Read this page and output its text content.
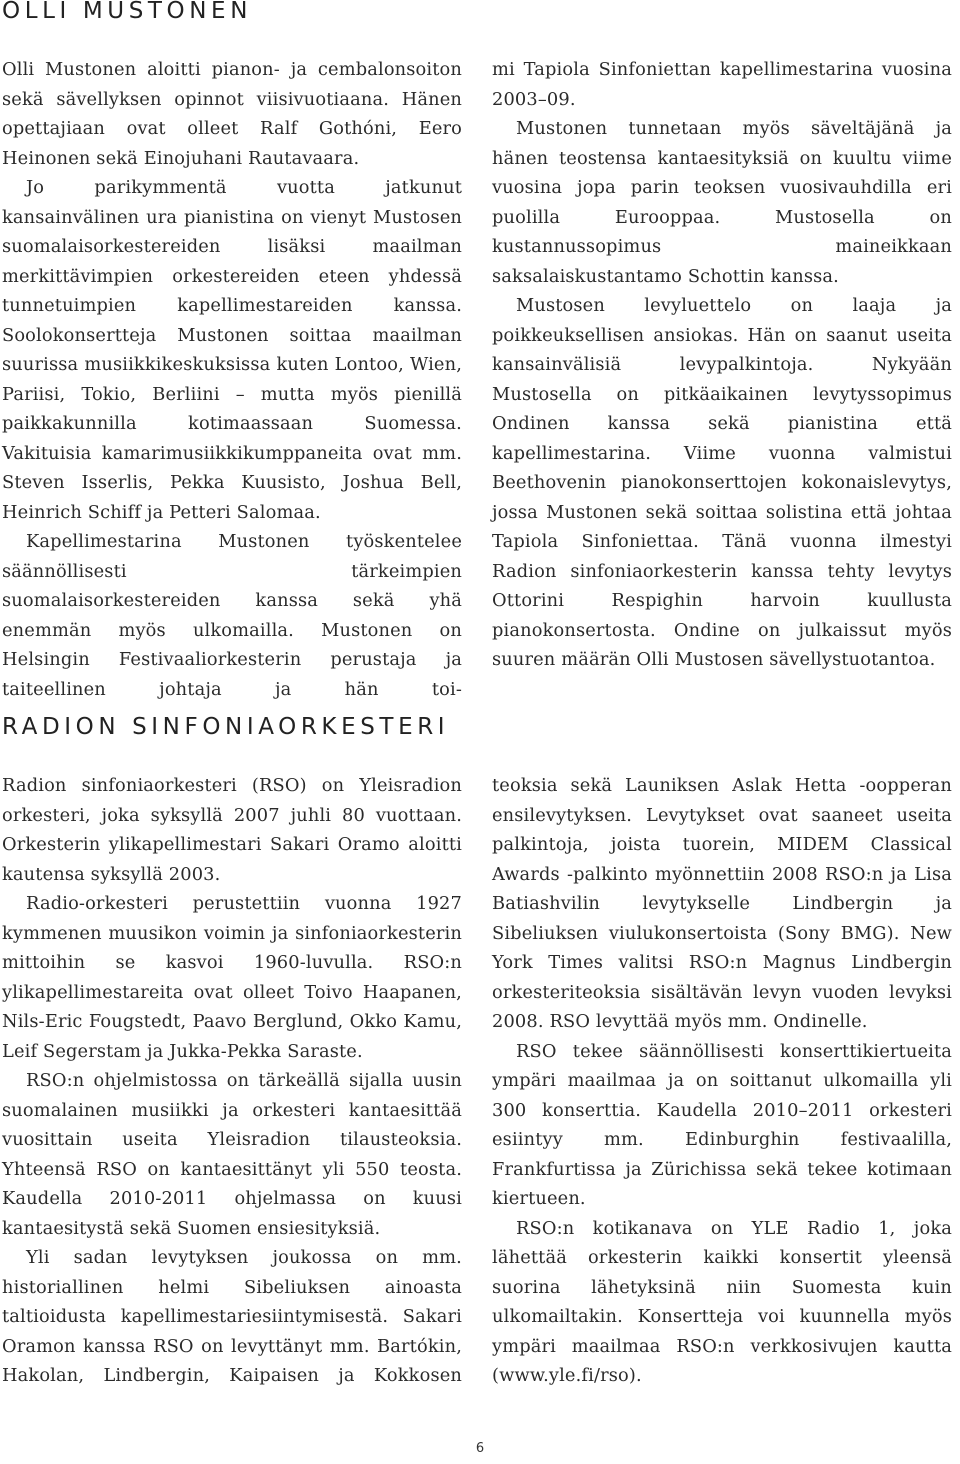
OLLI MUSTONEN

Olli Mustonen aloitti pianon- ja cembalonsoiton sekä sävellyksen opinnot viisivuotiaana. Hänen opettajiaan ovat olleet Ralf Gothóni, Eero Heinonen sekä Einojuhani Rautavaara.

Jo parikymmentä vuotta jatkunut kansainvälinen ura pianistina on vienyt Mustosen suomalaisorkestereiden lisäksi maailman merkittävimpien orkestereiden eteen yhdessä tunnetuimpien kapellimestareiden kanssa. Soolokonsertteja Mustonen soittaa maailman suurissa musiikkikeskuksissa kuten Lontoo, Wien, Pariisi, Tokio, Berliini – mutta myös pienillä paikkakunnilla kotimaassaan Suomessa. Vakituisia kamarimusiikkikumppaneita ovat mm. Steven Isserlis, Pekka Kuusisto, Joshua Bell, Heinrich Schiff ja Petteri Salomaa.

Kapellimestarina Mustonen työskentelee säännöllisesti tärkeimpien suomalaisorkestereiden kanssa sekä yhä enemmän myös ulkomailla. Mustonen on Helsingin Festivaaliorkesterin perustaja ja taiteellinen johtaja ja hän toi-

mi Tapiola Sinfoniettan kapellimestarina vuosina 2003–09.

Mustonen tunnetaan myös säveltäjänä ja hänen teostensa kantaesityksiä on kuultu viime vuosina jopa parin teoksen vuosivauhdilla eri puolilla Eurooppaa. Mustosella on kustannussopimus maineikkaan saksalaiskustantamo Schottin kanssa.

Mustosen levyluettelo on laaja ja poikkeuksellisen ansiokas. Hän on saanut useita kansainvälisiä levypalkintoja. Nykyään Mustosella on pitkäaikainen levytyssopimus Ondinen kanssa sekä pianistina että kapellimestarina. Viime vuonna valmistui Beethovenin pianokonserttojen kokonaislevytys, jossa Mustonen sekä soittaa solistina että johtaa Tapiola Sinfoniettaa. Tänä vuonna ilmestyi Radion sinfoniaorkesterin kanssa tehty levytys Ottorini Respighin harvoin kuullusta pianokonsertosta. Ondine on julkaissut myös suuren määrän Olli Mustosen sävellystuotantoa.

RADION SINFONIAORKESTERI

Radion sinfoniaorkesteri (RSO) on Yleisradion orkesteri, joka syksyllä 2007 juhli 80 vuottaan. Orkesterin ylikapellimestari Sakari Oramo aloitti kautensa syksyllä 2003.

Radio-orkesteri perustettiin vuonna 1927 kymmenen muusikon voimin ja sinfoniaorkesterin mittoihin se kasvoi 1960-luvulla. RSO:n ylikapellimestareita ovat olleet Toivo Haapanen, Nils-Eric Fougstedt, Paavo Berglund, Okko Kamu, Leif Segerstam ja Jukka-Pekka Saraste.

RSO:n ohjelmistossa on tärkeällä sijalla uusin suomalainen musiikki ja orkesteri kantaesittää vuosittain useita Yleisradion tilausteoksia. Yhteensä RSO on kantaesittänyt yli 550 teosta. Kaudella 2010-2011 ohjelmassa on kuusi kantaesitystä sekä Suomen ensiesityksiä.

Yli sadan levytyksen joukossa on mm. historiallinen helmi Sibeliuksen ainoasta taltioidusta kapellimestariesiintymisestä. Sakari Oramon kanssa RSO on levyttänyt mm. Bartókin, Hakolan, Lindbergin, Kaipaisen ja Kokkosen

teoksia sekä Launiksen Aslak Hetta -oopperan ensilevytyksen. Levytykset ovat saaneet useita palkintoja, joista tuorein, MIDEM Classical Awards -palkinto myönnettiin 2008 RSO:n ja Lisa Batiashvilin levytykselle Lindbergin ja Sibeliuksen viulukonsertoista (Sony BMG). New York Times valitsi RSO:n Magnus Lindbergin orkesteriteoksia sisältävän levyn vuoden levyksi 2008. RSO levyttää myös mm. Ondinelle.

RSO tekee säännöllisesti konserttikiertueita ympäri maailmaa ja on soittanut ulkomailla yli 300 konserttia. Kaudella 2010–2011 orkesteri esiintyy mm. Edinburghin festivaalilla, Frankfurtissa ja Zürichissa sekä tekee kotimaan kiertueen.

RSO:n kotikanava on YLE Radio 1, joka lähettää orkesterin kaikki konsertit yleensä suorina lähetyksinä niin Suomesta kuin ulkomailtakin. Konsertteja voi kuunnella myös ympäri maailmaa RSO:n verkkosivujen kautta (www.yle.fi/rso).

6
